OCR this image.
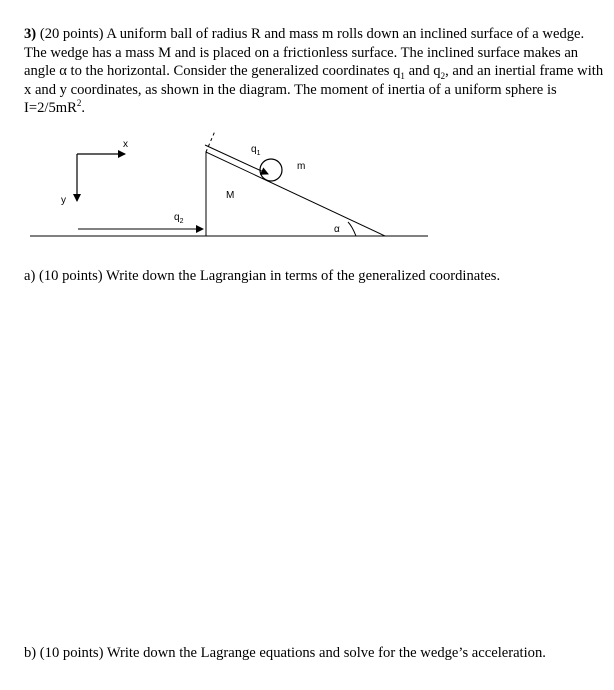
3) (20 points) A uniform ball of radius R and mass m rolls down an inclined surface of a wedge. The wedge has a mass M and is placed on a frictionless surface. The inclined surface makes an angle α to the horizontal. Consider the generalized coordinates $q_1$ and $q_2$, and an inertial frame with x and y coordinates, as shown in the diagram. The moment of inertia of a uniform sphere is $I=2/5mR^2$.
x
y
$q_2$
M
$q_1$
m
α

a) (10 points) Write down the Lagrangian in terms of the generalized coordinates.

b) (10 points) Write down the Lagrange equations and solve for the wedge’s acceleration.
